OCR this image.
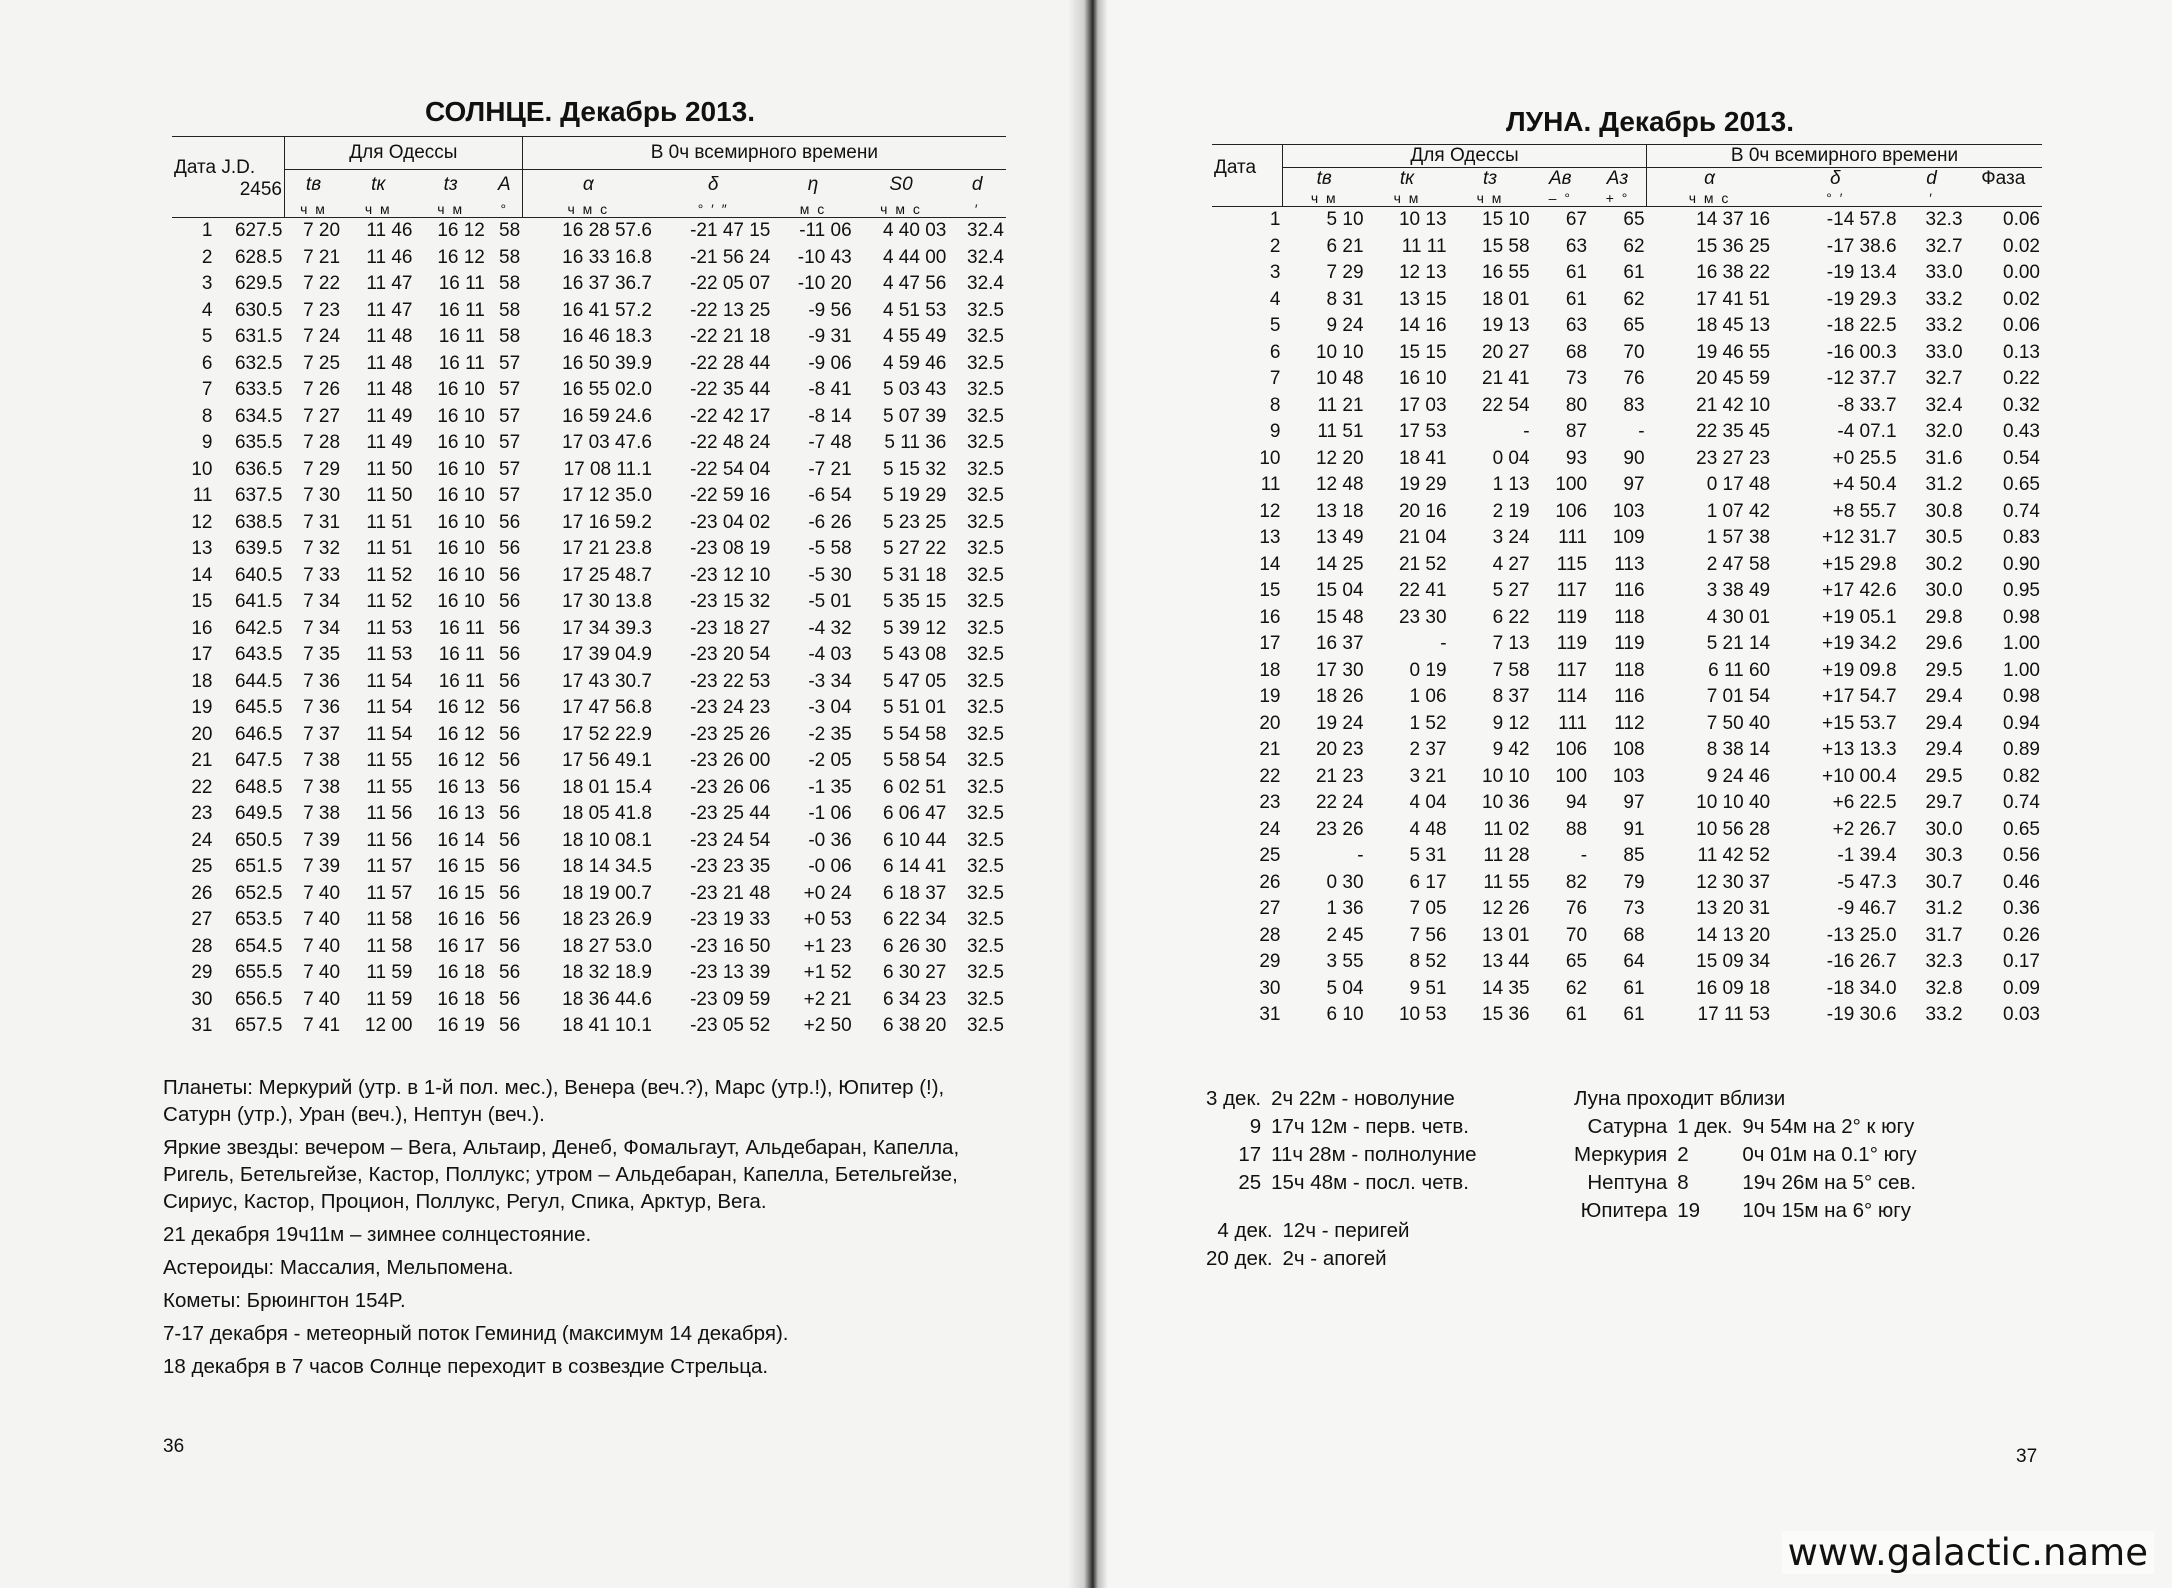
СОЛНЦЕ. Декабрь 2013.
Дата J.D.

2456	Для Одессы				В 0ч всемирного времени				
	tв	tк	tз	A	α	δ	η	S0	d
	ч м	ч м	ч м	°	ч м с	° ′ ″	м с	ч м с	′
1 627.5	7 20	11 46	16 12	58	16 28 57.6	-21 47 15	-11 06	4 40 03	32.4
2 628.5	7 21	11 46	16 12	58	16 33 16.8	-21 56 24	-10 43	4 44 00	32.4
3 629.5	7 22	11 47	16 11	58	16 37 36.7	-22 05 07	-10 20	4 47 56	32.4
4 630.5	7 23	11 47	16 11	58	16 41 57.2	-22 13 25	-9 56	4 51 53	32.5
5 631.5	7 24	11 48	16 11	58	16 46 18.3	-22 21 18	-9 31	4 55 49	32.5
6 632.5	7 25	11 48	16 11	57	16 50 39.9	-22 28 44	-9 06	4 59 46	32.5
7 633.5	7 26	11 48	16 10	57	16 55 02.0	-22 35 44	-8 41	5 03 43	32.5
8 634.5	7 27	11 49	16 10	57	16 59 24.6	-22 42 17	-8 14	5 07 39	32.5
9 635.5	7 28	11 49	16 10	57	17 03 47.6	-22 48 24	-7 48	5 11 36	32.5
10 636.5	7 29	11 50	16 10	57	17 08 11.1	-22 54 04	-7 21	5 15 32	32.5
11 637.5	7 30	11 50	16 10	57	17 12 35.0	-22 59 16	-6 54	5 19 29	32.5
12 638.5	7 31	11 51	16 10	56	17 16 59.2	-23 04 02	-6 26	5 23 25	32.5
13 639.5	7 32	11 51	16 10	56	17 21 23.8	-23 08 19	-5 58	5 27 22	32.5
14 640.5	7 33	11 52	16 10	56	17 25 48.7	-23 12 10	-5 30	5 31 18	32.5
15 641.5	7 34	11 52	16 10	56	17 30 13.8	-23 15 32	-5 01	5 35 15	32.5
16 642.5	7 34	11 53	16 11	56	17 34 39.3	-23 18 27	-4 32	5 39 12	32.5
17 643.5	7 35	11 53	16 11	56	17 39 04.9	-23 20 54	-4 03	5 43 08	32.5
18 644.5	7 36	11 54	16 11	56	17 43 30.7	-23 22 53	-3 34	5 47 05	32.5
19 645.5	7 36	11 54	16 12	56	17 47 56.8	-23 24 23	-3 04	5 51 01	32.5
20 646.5	7 37	11 54	16 12	56	17 52 22.9	-23 25 26	-2 35	5 54 58	32.5
21 647.5	7 38	11 55	16 12	56	17 56 49.1	-23 26 00	-2 05	5 58 54	32.5
22 648.5	7 38	11 55	16 13	56	18 01 15.4	-23 26 06	-1 35	6 02 51	32.5
23 649.5	7 38	11 56	16 13	56	18 05 41.8	-23 25 44	-1 06	6 06 47	32.5
24 650.5	7 39	11 56	16 14	56	18 10 08.1	-23 24 54	-0 36	6 10 44	32.5
25 651.5	7 39	11 57	16 15	56	18 14 34.5	-23 23 35	-0 06	6 14 41	32.5
26 652.5	7 40	11 57	16 15	56	18 19 00.7	-23 21 48	+0 24	6 18 37	32.5
27 653.5	7 40	11 58	16 16	56	18 23 26.9	-23 19 33	+0 53	6 22 34	32.5
28 654.5	7 40	11 58	16 17	56	18 27 53.0	-23 16 50	+1 23	6 26 30	32.5
29 655.5	7 40	11 59	16 18	56	18 32 18.9	-23 13 39	+1 52	6 30 27	32.5
30 656.5	7 40	11 59	16 18	56	18 36 44.6	-23 09 59	+2 21	6 34 23	32.5
31 657.5	7 41	12 00	16 19	56	18 41 10.1	-23 05 52	+2 50	6 38 20	32.5

Планеты: Меркурий (утр. в 1-й пол. мес.), Венера (веч.?), Марс (утр.!), Юпитер (!), Сатурн (утр.), Уран (веч.), Нептун (веч.).

Яркие звезды: вечером – Вега, Альтаир, Денеб, Фомальгаут, Альдебаран, Капелла, Ригель, Бетельгейзе, Кастор, Поллукс; утром – Альдебаран, Капелла, Бетельгейзе, Сириус, Кастор, Процион, Поллукс, Регул, Спика, Арктур, Вега.

21 декабря 19ч11м – зимнее солнцестояние.

Астероиды: Массалия, Мельпомена.

Кометы: Брюингтон 154P.

7-17 декабря - метеорный поток Геминид (максимум 14 декабря).

18 декабря в 7 часов Солнце переходит в созвездие Стрельца.

36
ЛУНА. Декабрь 2013.
Дата	Для Одессы					В 0ч всемирного времени			
	tв	tк	tз	Aв	Aз	α	δ	d	Фаза
	ч м	ч м	ч м	– °	+ °	ч м с	° ′	′	
1	5 10	10 13	15 10	67	65	14 37 16	-14 57.8	32.3	0.06
2	6 21	11 11	15 58	63	62	15 36 25	-17 38.6	32.7	0.02
3	7 29	12 13	16 55	61	61	16 38 22	-19 13.4	33.0	0.00
4	8 31	13 15	18 01	61	62	17 41 51	-19 29.3	33.2	0.02
5	9 24	14 16	19 13	63	65	18 45 13	-18 22.5	33.2	0.06
6	10 10	15 15	20 27	68	70	19 46 55	-16 00.3	33.0	0.13
7	10 48	16 10	21 41	73	76	20 45 59	-12 37.7	32.7	0.22
8	11 21	17 03	22 54	80	83	21 42 10	-8 33.7	32.4	0.32
9	11 51	17 53	-	87	-	22 35 45	-4 07.1	32.0	0.43
10	12 20	18 41	0 04	93	90	23 27 23	+0 25.5	31.6	0.54
11	12 48	19 29	1 13	100	97	0 17 48	+4 50.4	31.2	0.65
12	13 18	20 16	2 19	106	103	1 07 42	+8 55.7	30.8	0.74
13	13 49	21 04	3 24	111	109	1 57 38	+12 31.7	30.5	0.83
14	14 25	21 52	4 27	115	113	2 47 58	+15 29.8	30.2	0.90
15	15 04	22 41	5 27	117	116	3 38 49	+17 42.6	30.0	0.95
16	15 48	23 30	6 22	119	118	4 30 01	+19 05.1	29.8	0.98
17	16 37	-	7 13	119	119	5 21 14	+19 34.2	29.6	1.00
18	17 30	0 19	7 58	117	118	6 11 60	+19 09.8	29.5	1.00
19	18 26	1 06	8 37	114	116	7 01 54	+17 54.7	29.4	0.98
20	19 24	1 52	9 12	111	112	7 50 40	+15 53.7	29.4	0.94
21	20 23	2 37	9 42	106	108	8 38 14	+13 13.3	29.4	0.89
22	21 23	3 21	10 10	100	103	9 24 46	+10 00.4	29.5	0.82
23	22 24	4 04	10 36	94	97	10 10 40	+6 22.5	29.7	0.74
24	23 26	4 48	11 02	88	91	10 56 28	+2 26.7	30.0	0.65
25	-	5 31	11 28	-	85	11 42 52	-1 39.4	30.3	0.56
26	0 30	6 17	11 55	82	79	12 30 37	-5 47.3	30.7	0.46
27	1 36	7 05	12 26	76	73	13 20 31	-9 46.7	31.2	0.36
28	2 45	7 56	13 01	70	68	14 13 20	-13 25.0	31.7	0.26
29	3 55	8 52	13 44	65	64	15 09 34	-16 26.7	32.3	0.17
30	5 04	9 51	14 35	62	61	16 09 18	-18 34.0	32.8	0.09
31	6 10	10 53	15 36	61	61	17 11 53	-19 30.6	33.2	0.03
3 дек.	2ч 22м - новолуние
9	17ч 12м - перв. четв.
17	11ч 28м - полнолуние
25	15ч 48м - посл. четв.
Луна проходит вблизи
Сатурна	1 дек.	9ч 54м на 2° к югу
Меркурия	2	0ч 01м на 0.1° югу
Нептуна	8	19ч 26м на 5° сев.
Юпитера	19	10ч 15м на 6° югу
4 дек.	12ч - перигей
20 дек.	2ч - апогей
37
www.galactic.name
